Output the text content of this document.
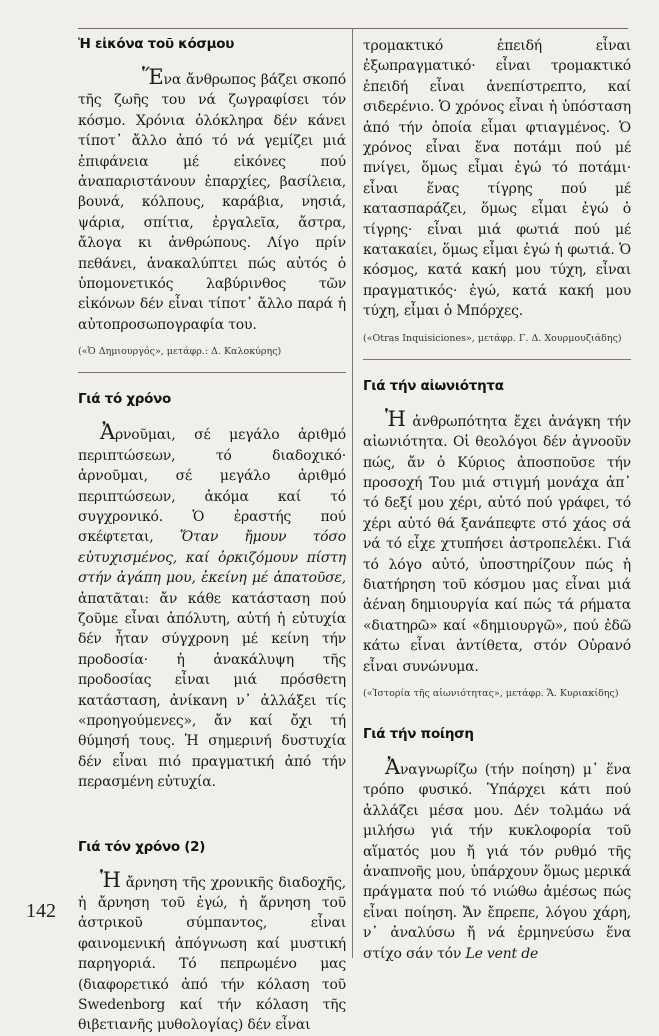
142
Ἡ εἰκόνα τοῦ κόσμου

Ἕνα ἄνθρωπος βάζει σκοπό τῆς ζωῆς του νά ζωγραφίσει τόν κόσμο. Χρόνια ὁλόκληρα δέν κάνει τίποτ᾿ ἄλλο ἀπό τό νά γεμίζει μιά ἐπιφάνεια μέ εἰκόνες πού ἀναπαριστάνουν ἐπαρχίες, βασίλεια, βουνά, κόλπους, καράβια, νησιά, ψάρια, σπίτια, ἐργαλεῖα, ἄστρα, ἄλογα κι ἀνθρώπους. Λίγο πρίν πεθάνει, ἀνακαλύπτει πώς αὐτός ὁ ὑπομονετικός λαβύρινθος τῶν εἰκόνων δέν εἶναι τίποτ᾿ ἄλλο παρά ἡ αὐτοπροσωπογραφία του.

(«Ὁ Δημιουργός», μετάφρ.: Δ. Καλοκύρης)

Γιά τό χρόνο

Ἀρνοῦμαι, σέ μεγάλο ἀριθμό περιπτώσεων, τό διαδοχικό· ἀρνοῦμαι, σέ μεγάλο ἀριθμό περιπτώσεων, ἀκόμα καί τό συγχρονικό. Ὁ ἐραστής πού σκέφτεται, Ὅταν ἤμουν τόσο εὐτυχισμένος, καί ὁρκιζόμουν πίστη στήν ἀγάπη μου, ἐκείνη μέ ἀπατοῦσε, ἀπατᾶται: ἄν κάθε κατάσταση πού ζοῦμε εἶναι ἀπόλυτη, αὐτή ἡ εὐτυχία δέν ἦταν σύγχρονη μέ κείνη τήν προδοσία· ἡ ἀνακάλυψη τῆς προδοσίας εἶναι μιά πρόσθετη κατάσταση, ἀνίκανη ν᾿ ἀλλάξει τίς «προηγούμενες», ἄν καί ὄχι τή θύμησή τους. Ἡ σημερινή δυστυχία δέν εἶναι πιό πραγματική ἀπό τήν περασμένη εὐτυχία.

Γιά τόν χρόνο (2)

Ἡ ἄρνηση τῆς χρονικῆς διαδοχῆς, ἡ ἄρνηση τοῦ ἐγώ, ἡ ἄρνηση τοῦ ἀστρικοῦ σύμπαντος, εἶναι φαινομενική ἀπόγνωση καί μυστική παρηγοριά. Τό πεπρωμένο μας (διαφορετικό ἀπό τήν κόλαση τοῦ Swedenborg καί τήν κόλαση τῆς θιβετιανῆς μυθολογίας) δέν εἶναι

τρομακτικό ἐπειδή εἶναι ἐξωπραγματικό· εἶναι τρομακτικό ἐπειδή εἶναι ἀνεπίστρεπτο, καί σιδερένιο. Ὁ χρόνος εἶναι ἡ ὑπόσταση ἀπό τήν ὁποία εἶμαι φτιαγμένος. Ὁ χρόνος εἶναι ἕνα ποτάμι πού μέ πνίγει, ὅμως εἶμαι ἐγώ τό ποτάμι· εἶναι ἕνας τίγρης πού μέ κατασπαράζει, ὅμως εἶμαι ἐγώ ὁ τίγρης· εἶναι μιά φωτιά πού μέ κατακαίει, ὅμως εἶμαι ἐγώ ἡ φωτιά. Ὁ κόσμος, κατά κακή μου τύχη, εἶναι πραγματικός· ἐγώ, κατά κακή μου τύχη, εἶμαι ὁ Μπόρχες.

(«Otras Inquisiciones», μετάφρ. Γ. Δ. Χουρμουζιάδης)

Γιά τήν αἰωνιότητα

Ἡ ἀνθρωπότητα ἔχει ἀνάγκη τήν αἰωνιότητα. Οἱ θεολόγοι δέν ἀγνοοῦν πώς, ἄν ὁ Κύριος ἀποσποῦσε τήν προσοχή Του μιά στιγμή μονάχα ἀπ᾿ τό δεξί μου χέρι, αὐτό πού γράφει, τό χέρι αὐτό θά ξανάπεφτε στό χάος σά νά τό εἶχε χτυπήσει ἀστροπελέκι. Γιά τό λόγο αὐτό, ὑποστηρίζουν πώς ἡ διατήρηση τοῦ κόσμου μας εἶναι μιά ἀέναη δημιουργία καί πώς τά ρήματα «διατηρῶ» καί «δημιουργῶ», πού ἐδῶ κάτω εἶναι ἀντίθετα, στόν Οὐρανό εἶναι συνώνυμα.

(«Ἱστορία τῆς αἰωνιότητας», μετάφρ. Ἄ. Κυριακίδης)

Γιά τήν ποίηση

Ἀναγνωρίζω (τήν ποίηση) μ᾿ ἕνα τρόπο φυσικό. Ὑπάρχει κάτι πού ἀλλάζει μέσα μου. Δέν τολμάω νά μιλήσω γιά τήν κυκλοφορία τοῦ αἵματός μου ἤ γιά τόν ρυθμό τῆς ἀναπνοῆς μου, ὑπάρχουν ὅμως μερικά πράγματα πού τό νιώθω ἀμέσως πώς εἶναι ποίηση. Ἄν ἔπρεπε, λόγου χάρη, ν᾿ ἀναλύσω ἤ νά ἑρμηνεύσω ἕνα στίχο σάν τόν Le vent de
